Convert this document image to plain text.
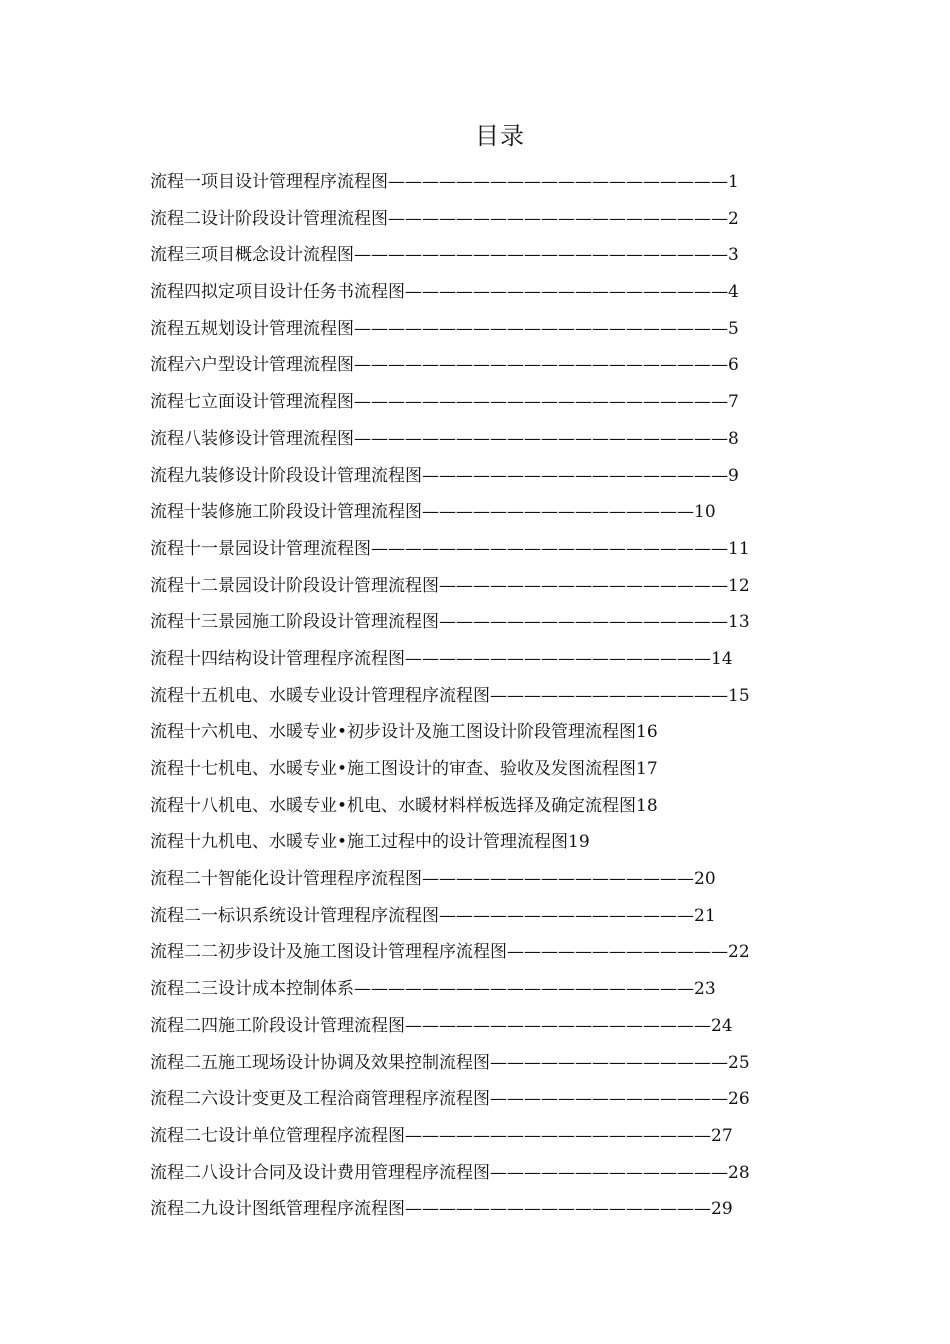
目录
流程一项目设计管理程序流程图————————————————————1
流程二设计阶段设计管理流程图————————————————————2
流程三项目概念设计流程图——————————————————————3
流程四拟定项目设计任务书流程图———————————————————4
流程五规划设计管理流程图——————————————————————5
流程六户型设计管理流程图——————————————————————6
流程七立面设计管理流程图——————————————————————7
流程八装修设计管理流程图——————————————————————8
流程九装修设计阶段设计管理流程图——————————————————9
流程十装修施工阶段设计管理流程图————————————————10
流程十一景园设计管理流程图—————————————————————11
流程十二景园设计阶段设计管理流程图—————————————————12
流程十三景园施工阶段设计管理流程图—————————————————13
流程十四结构设计管理程序流程图——————————————————14
流程十五机电、水暖专业设计管理程序流程图——————————————15
流程十六机电、水暖专业•初步设计及施工图设计阶段管理流程图16
流程十七机电、水暖专业•施工图设计的审查、验收及发图流程图17
流程十八机电、水暖专业•机电、水暖材料样板选择及确定流程图18
流程十九机电、水暖专业•施工过程中的设计管理流程图19
流程二十智能化设计管理程序流程图————————————————20
流程二一标识系统设计管理程序流程图———————————————21
流程二二初步设计及施工图设计管理程序流程图—————————————22
流程二三设计成本控制体系————————————————————23
流程二四施工阶段设计管理流程图——————————————————24
流程二五施工现场设计协调及效果控制流程图——————————————25
流程二六设计变更及工程洽商管理程序流程图——————————————26
流程二七设计单位管理程序流程图——————————————————27
流程二八设计合同及设计费用管理程序流程图——————————————28
流程二九设计图纸管理程序流程图——————————————————29
